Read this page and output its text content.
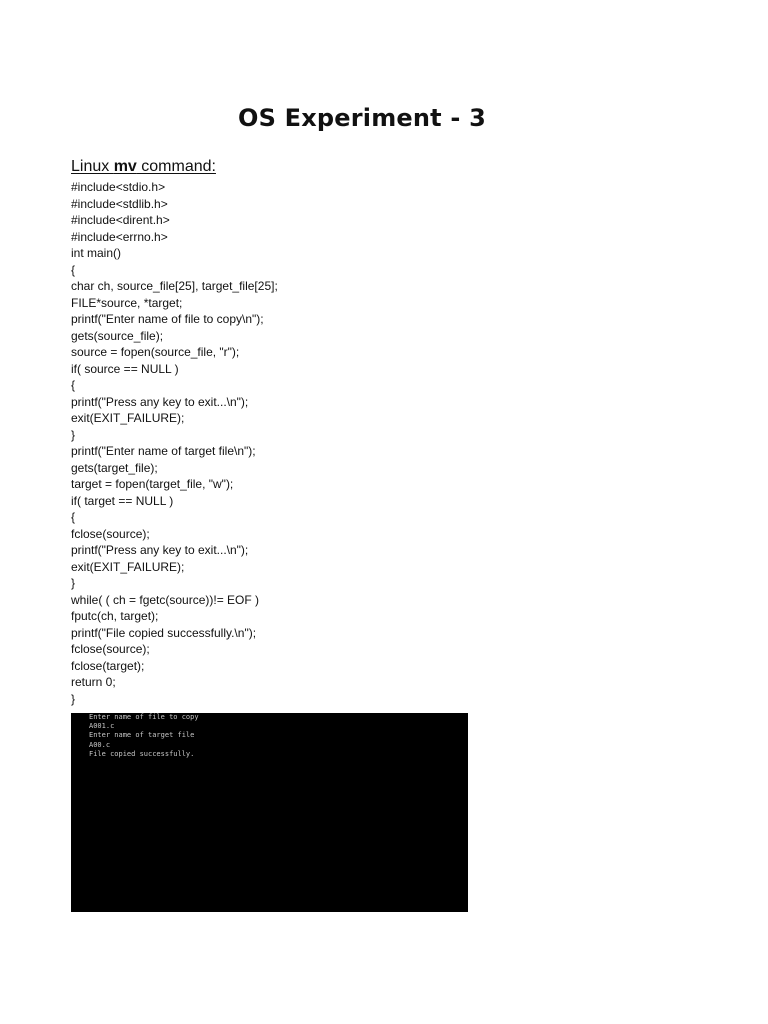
OS Experiment - 3
Linux mv command:
#include<stdio.h>
#include<stdlib.h>
#include<dirent.h>
#include<errno.h>
int main()
{
char ch, source_file[25], target_file[25];
FILE*source, *target;
printf("Enter name of file to copy\n");
gets(source_file);
source = fopen(source_file, "r");
if( source == NULL )
{
printf("Press any key to exit...\n");
exit(EXIT_FAILURE);
}
printf("Enter name of target file\n");
gets(target_file);
target = fopen(target_file, "w");
if( target == NULL )
{
fclose(source);
printf("Press any key to exit...\n");
exit(EXIT_FAILURE);
}
while( ( ch = fgetc(source))!= EOF )
fputc(ch, target);
printf("File copied successfully.\n");
fclose(source);
fclose(target);
return 0;
}
Enter name of file to copy
A001.c
Enter name of target file
A00.c
File copied successfully.
